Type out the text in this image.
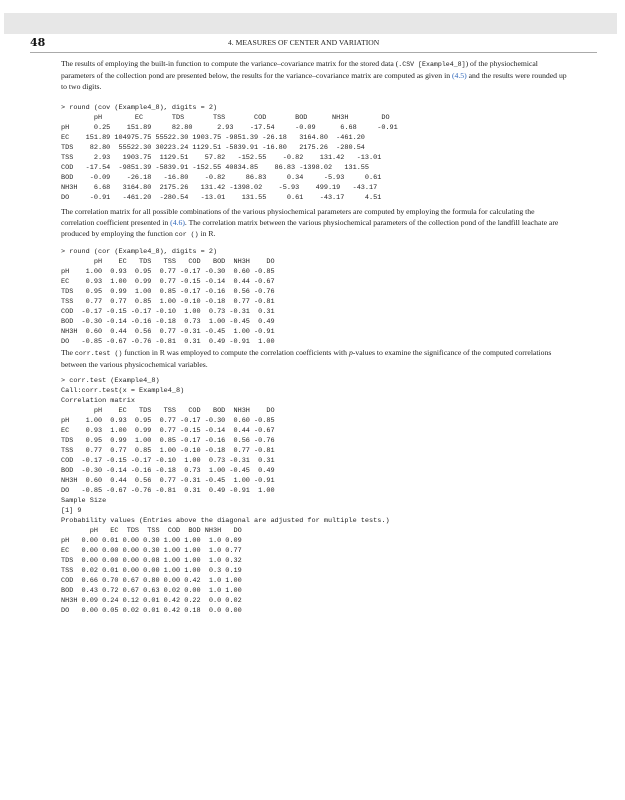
48	4. MEASURES OF CENTER AND VARIATION

The results of employing the built-in function to compute the variance–covariance matrix for the stored data (.CSV [Example4_8]) of the physiochemical parameters of the collection pond are presented below, the results for the variance–covariance matrix are computed as given in (4.5) and the results were rounded up to two digits.

> round (cov (Example4_8), digits = 2)
pH        EC       TDS       TSS       COD       BOD      NH3H        DO
pH      0.25    151.89     82.80      2.93    -17.54     -0.09      6.68     -0.91
EC    151.89 104975.75 55522.30 1903.75 -9851.39 -26.18   3164.80  -461.20
TDS    82.80  55522.30 30223.24 1129.51 -5839.91 -16.80   2175.26  -280.54
TSS     2.93   1903.75  1129.51    57.82   -152.55    -0.82    131.42   -13.01
COD   -17.54  -9851.39 -5839.91 -152.55 40834.85    86.83 -1398.02   131.55
BOD    -0.09    -26.18   -16.80    -0.82     86.83     0.34     -5.93     0.61
NH3H    6.68   3164.80  2175.26   131.42 -1398.02    -5.93    499.19   -43.17
DO     -0.91   -461.20  -280.54   -13.01    131.55     0.61    -43.17     4.51

The correlation matrix for all possible combinations of the various physiochemical parameters are computed by employing the formula for calculating the correlation coefficient presented in (4.6). The correlation matrix between the various physiochemical parameters of the collection pond of the landfill leachate are produced by employing the function cor () in R.

> round (cor (Example4_8), digits = 2)
pH    EC   TDS   TSS   COD   BOD  NH3H    DO
pH    1.00  0.93  0.95  0.77 -0.17 -0.30  0.60 -0.85
EC    0.93  1.00  0.99  0.77 -0.15 -0.14  0.44 -0.67
TDS   0.95  0.99  1.00  0.85 -0.17 -0.16  0.56 -0.76
TSS   0.77  0.77  0.85  1.00 -0.10 -0.18  0.77 -0.81
COD  -0.17 -0.15 -0.17 -0.10  1.00  0.73 -0.31  0.31
BOD  -0.30 -0.14 -0.16 -0.18  0.73  1.00 -0.45  0.49
NH3H  0.60  0.44  0.56  0.77 -0.31 -0.45  1.00 -0.91
DO   -0.85 -0.67 -0.76 -0.81  0.31  0.49 -0.91  1.00

The corr.test () function in R was employed to compute the correlation coefficients with p-values to examine the significance of the computed correlations between the various physicochemical variables.

> corr.test (Example4_8)
Call:corr.test(x = Example4_8)
Correlation matrix
pH    EC   TDS   TSS   COD   BOD  NH3H    DO
pH    1.00  0.93  0.95  0.77 -0.17 -0.30  0.60 -0.85
EC    0.93  1.00  0.99  0.77 -0.15 -0.14  0.44 -0.67
TDS   0.95  0.99  1.00  0.85 -0.17 -0.16  0.56 -0.76
TSS   0.77  0.77  0.85  1.00 -0.10 -0.18  0.77 -0.81
COD  -0.17 -0.15 -0.17 -0.10  1.00  0.73 -0.31  0.31
BOD  -0.30 -0.14 -0.16 -0.18  0.73  1.00 -0.45  0.49
NH3H  0.60  0.44  0.56  0.77 -0.31 -0.45  1.00 -0.91
DO   -0.85 -0.67 -0.76 -0.81  0.31  0.49 -0.91  1.00
Sample Size
[1] 9
Probability values (Entries above the diagonal are adjusted for multiple tests.)
pH   EC  TDS  TSS  COD  BOD NH3H   DO
pH   0.00 0.01 0.00 0.30 1.00 1.00  1.0 0.09
EC   0.00 0.00 0.00 0.30 1.00 1.00  1.0 0.77
TDS  0.00 0.00 0.00 0.08 1.00 1.00  1.0 0.32
TSS  0.02 0.01 0.00 0.00 1.00 1.00  0.3 0.19
COD  0.66 0.70 0.67 0.80 0.00 0.42  1.0 1.00
BOD  0.43 0.72 0.67 0.63 0.02 0.00  1.0 1.00
NH3H 0.09 0.24 0.12 0.01 0.42 0.22  0.0 0.02
DO   0.00 0.05 0.02 0.01 0.42 0.18  0.0 0.00
